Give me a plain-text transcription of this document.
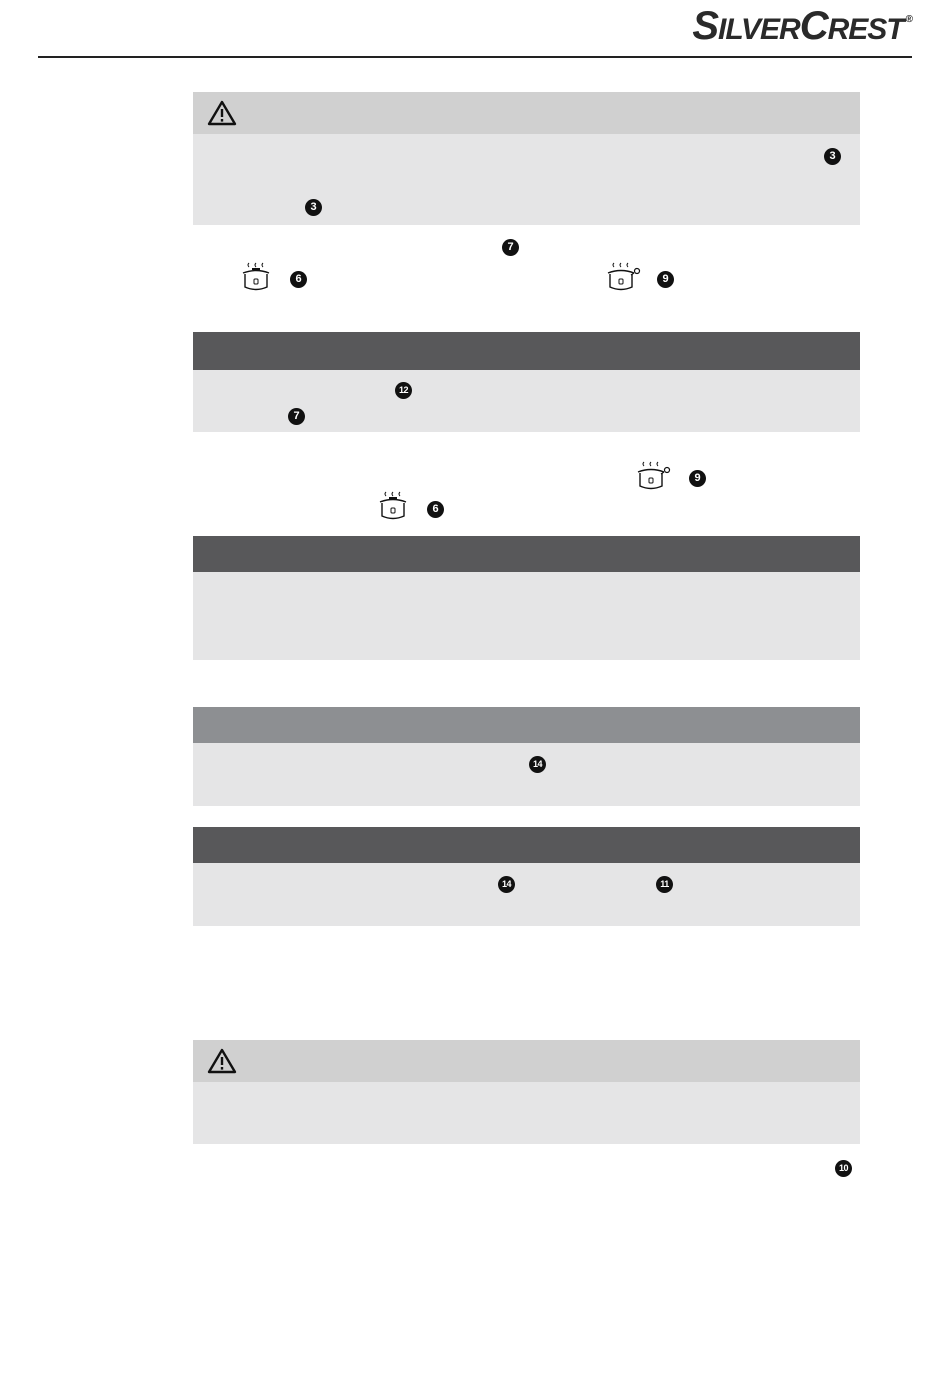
SILVERCREST ®
3
3
7
6	9
12
7
9
6
14
14	11
10
